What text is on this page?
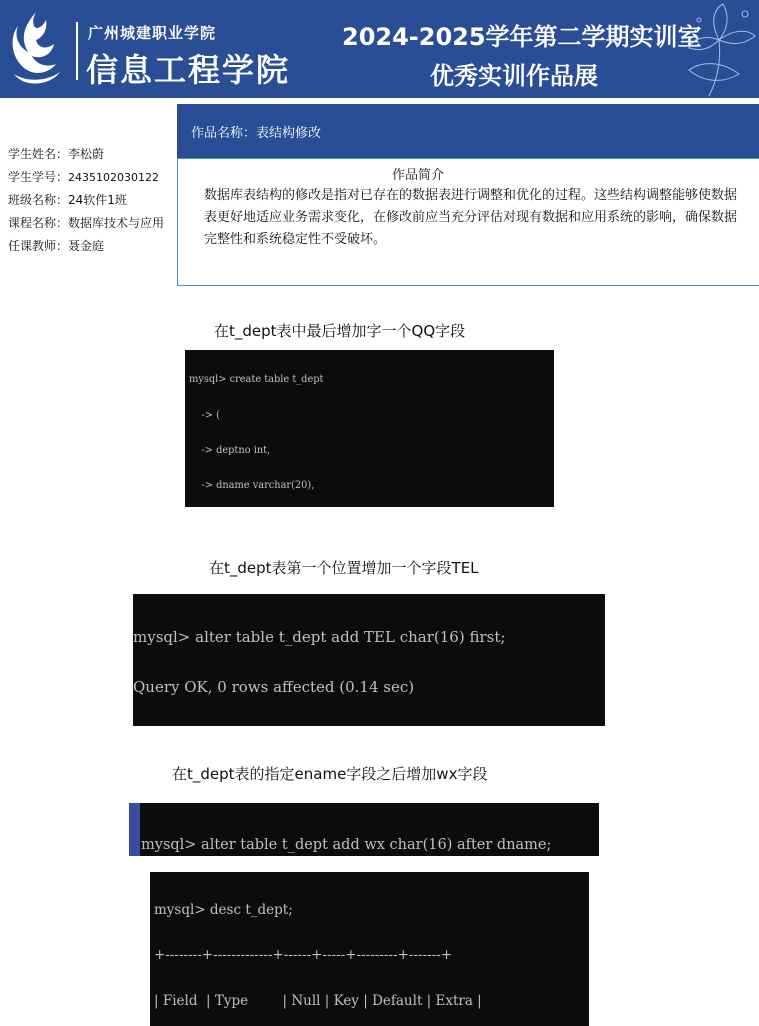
广州城建职业学院
信息工程学院
2024-2025学年第二学期实训室
优秀实训作品展
作品名称：表结构修改
学生姓名：李松蔚
学生学号：2435102030122
班级名称：24软件1班
课程名称：数据库技术与应用
任课教师：聂金庭
作品简介
数据库表结构的修改是指对已存在的数据表进行调整和优化的过程。这些结构调整能够使数据表更好地适应业务需求变化，在修改前应当充分评估对现有数据和应用系统的影响，确保数据完整性和系统稳定性不受破坏。
在t_dept表中最后增加字一个QQ字段

mysql> create table t_dept

-> (

-> deptno int,

-> dname varchar(20),

在t_dept表第一个位置增加一个字段TEL

mysql> alter table t_dept add TEL char(16) first;

Query OK, 0 rows affected (0.14 sec)

在t_dept表的指定ename字段之后增加wx字段

mysql> alter table t_dept add wx char(16) after dname;

mysql> desc t_dept;

+--------+-------------+------+-----+---------+-------+

| Field  | Type        | Null | Key | Default | Extra |
